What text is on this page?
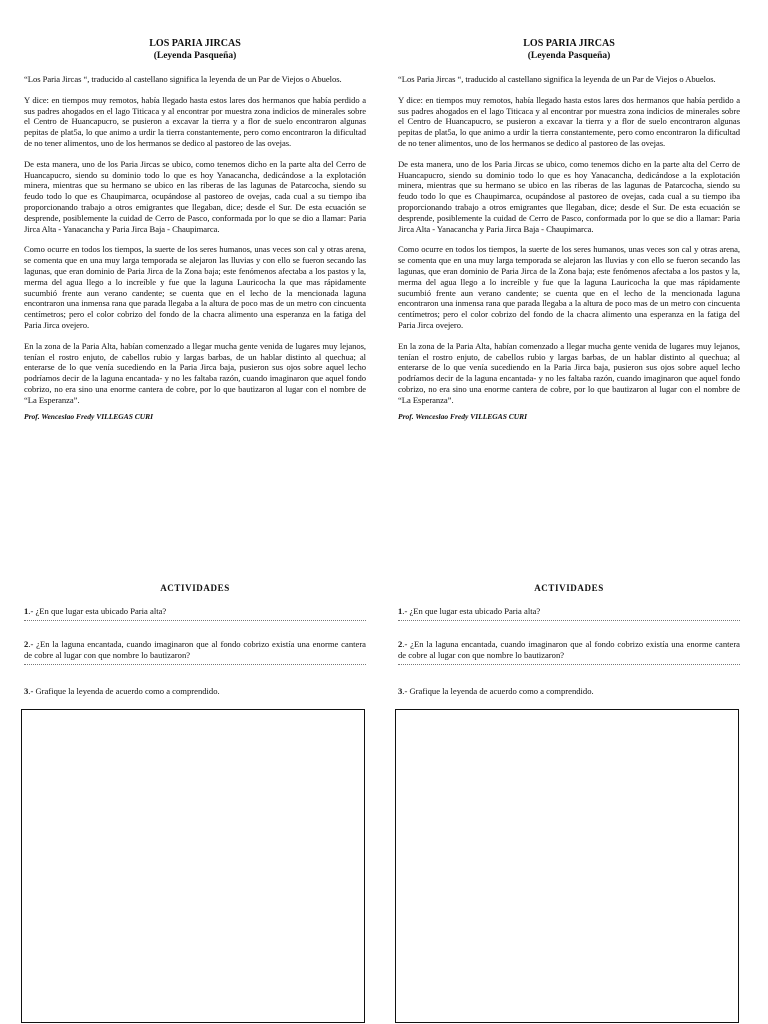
LOS PARIA JIRCAS
(Leyenda Pasqueña)

“Los Paria Jircas “, traducido al castellano significa la leyenda de un Par de Viejos o Abuelos.

Y dice: en tiempos muy remotos, había llegado hasta estos lares dos hermanos que había perdido a sus padres ahogados en el lago Titicaca y al encontrar por muestra zona indicios de minerales sobre el Centro de Huancapucro, se pusieron a excavar la tierra y a flor de suelo encontraron algunas pepitas de plat5a, lo que animo a urdir la tierra constantemente, pero como encontraron la dificultad de no tener alimentos, uno de los hermanos se dedico al pastoreo de las ovejas.

De esta manera, uno de los Paria Jircas se ubico, como tenemos dicho en la parte alta del Cerro de Huancapucro, siendo su dominio todo lo que es hoy Yanacancha, dedicándose a la explotación minera, mientras que su hermano se ubico en las riberas de las lagunas de Patarcocha, siendo su feudo todo lo que es Chaupimarca, ocupándose al pastoreo de ovejas, cada cual a su tiempo iba proporcionando trabajo a otros emigrantes que llegaban, dice; desde el Sur. De esta ecuación se desprende, posiblemente la cuidad de Cerro de Pasco, conformada por lo que se dio a llamar: Paria Jirca Alta - Yanacancha y Paria Jirca Baja - Chaupimarca.

Como ocurre en todos los tiempos, la suerte de los seres humanos, unas veces son cal y otras arena, se comenta que en una muy larga temporada se alejaron las lluvias y con ello se fueron secando las lagunas, que eran dominio de Paria Jirca de la Zona baja; este fenómenos afectaba a los pastos y la, merma del agua llego a lo increíble y fue que la laguna Lauricocha la que mas rápidamente sucumbió frente aun verano candente; se cuenta que en el lecho de la mencionada laguna encontraron una inmensa rana que parada llegaba a la altura de poco mas de un metro con cincuenta centímetros; pero el color cobrizo del fondo de la chacra alimento una esperanza en la fatiga del Paria Jirca ovejero.

En la zona de la Paria Alta, habían comenzado a llegar mucha gente venida de lugares muy lejanos, tenían el rostro enjuto, de cabellos rubio y largas barbas, de un hablar distinto al quechua; al enterarse de lo que venía sucediendo en la Paria Jirca baja, pusieron sus ojos sobre aquel lecho podríamos decir de la laguna encantada- y no les faltaba razón, cuando imaginaron que aquel fondo cobrizo, no era sino una enorme cantera de cobre, por lo que bautizaron al lugar con el nombre de “La Esperanza”.

Prof. Wenceslao Fredy VILLEGAS CURI
ACTIVIDADES
1.- ¿En que lugar esta ubicado Paria alta?
2.- ¿En la laguna encantada, cuando imaginaron que al fondo cobrizo existía una enorme cantera de cobre al lugar con que nombre lo bautizaron?
3.- Grafique la leyenda de acuerdo como a comprendido.
LOS PARIA JIRCAS
(Leyenda Pasqueña)

“Los Paria Jircas “, traducido al castellano significa la leyenda de un Par de Viejos o Abuelos.

Y dice: en tiempos muy remotos, había llegado hasta estos lares dos hermanos que había perdido a sus padres ahogados en el lago Titicaca y al encontrar por muestra zona indicios de minerales sobre el Centro de Huancapucro, se pusieron a excavar la tierra y a flor de suelo encontraron algunas pepitas de plat5a, lo que animo a urdir la tierra constantemente, pero como encontraron la dificultad de no tener alimentos, uno de los hermanos se dedico al pastoreo de las ovejas.

De esta manera, uno de los Paria Jircas se ubico, como tenemos dicho en la parte alta del Cerro de Huancapucro, siendo su dominio todo lo que es hoy Yanacancha, dedicándose a la explotación minera, mientras que su hermano se ubico en las riberas de las lagunas de Patarcocha, siendo su feudo todo lo que es Chaupimarca, ocupándose al pastoreo de ovejas, cada cual a su tiempo iba proporcionando trabajo a otros emigrantes que llegaban, dice; desde el Sur. De esta ecuación se desprende, posiblemente la cuidad de Cerro de Pasco, conformada por lo que se dio a llamar: Paria Jirca Alta - Yanacancha y Paria Jirca Baja - Chaupimarca.

Como ocurre en todos los tiempos, la suerte de los seres humanos, unas veces son cal y otras arena, se comenta que en una muy larga temporada se alejaron las lluvias y con ello se fueron secando las lagunas, que eran dominio de Paria Jirca de la Zona baja; este fenómenos afectaba a los pastos y la, merma del agua llego a lo increíble y fue que la laguna Lauricocha la que mas rápidamente sucumbió frente aun verano candente; se cuenta que en el lecho de la mencionada laguna encontraron una inmensa rana que parada llegaba a la altura de poco mas de un metro con cincuenta centímetros; pero el color cobrizo del fondo de la chacra alimento una esperanza en la fatiga del Paria Jirca ovejero.

En la zona de la Paria Alta, habían comenzado a llegar mucha gente venida de lugares muy lejanos, tenían el rostro enjuto, de cabellos rubio y largas barbas, de un hablar distinto al quechua; al enterarse de lo que venía sucediendo en la Paria Jirca baja, pusieron sus ojos sobre aquel lecho podríamos decir de la laguna encantada- y no les faltaba razón, cuando imaginaron que aquel fondo cobrizo, no era sino una enorme cantera de cobre, por lo que bautizaron al lugar con el nombre de “La Esperanza”.

Prof. Wenceslao Fredy VILLEGAS CURI
ACTIVIDADES
1.- ¿En que lugar esta ubicado Paria alta?
2.- ¿En la laguna encantada, cuando imaginaron que al fondo cobrizo existía una enorme cantera de cobre al lugar con que nombre lo bautizaron?
3.- Grafique la leyenda de acuerdo como a comprendido.
